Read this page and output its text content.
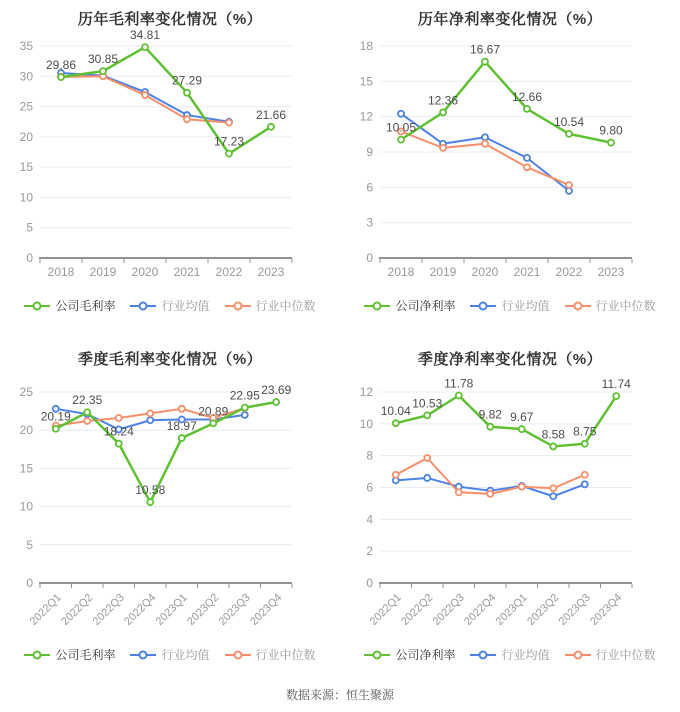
历年毛利率变化情况（%）
0
5
10
15
20
25
30
35
2018 2019 2020 2021 2022 2023
29.86 30.85
34.81
27.29
17.23
21.66
公司毛利率	行业均值	行业中位数
历年净利率变化情况（%）
0
3
6
9
12
15
18
2018 2019 2020 2021 2022 2023
10.05
12.36
16.67
12.66
10.54
9.80
公司净利率	行业均值	行业中位数
季度毛利率变化情况（%）
0
5
10
15
20
25
2022Q1
2022Q2
2022Q3
2022Q4
2023Q1
2023Q2
2023Q3
2023Q4
20.19
22.35
18.24
10.58
18.97
20.89
22.95 23.69
公司毛利率	行业均值	行业中位数
季度净利率变化情况（%）
0
2
4
6
8
10
12
2022Q1
2022Q2
2022Q3
2022Q4
2023Q1
2023Q2
2023Q3
2023Q4
10.04
10.53
11.78
9.82 9.67
8.58 8.75
11.74
公司净利率	行业均值	行业中位数
数据来源：恒生聚源
